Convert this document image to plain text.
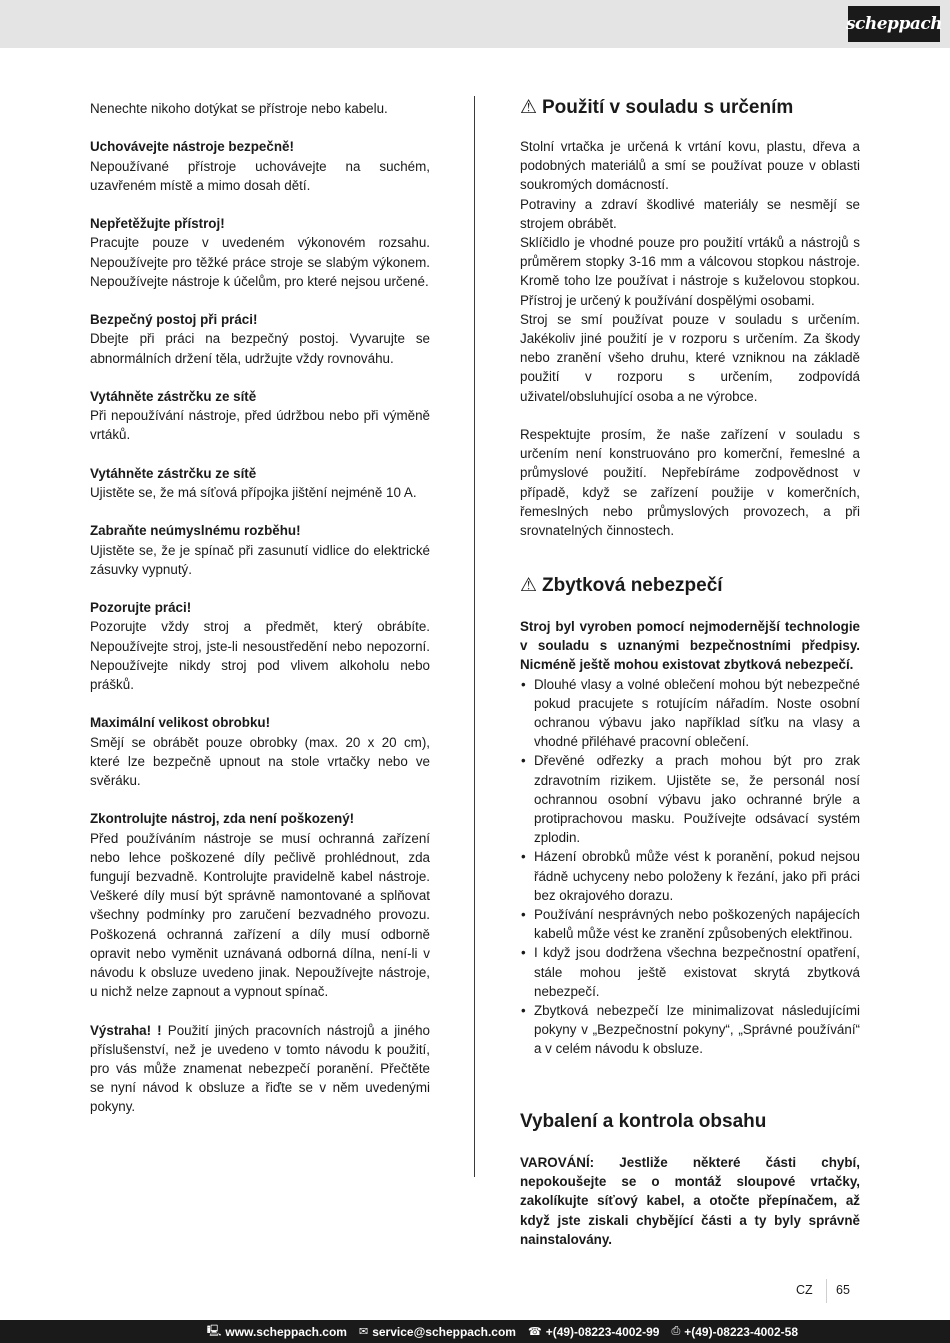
scheppach
Nenechte nikoho dotýkat se přístroje nebo kabelu.
Uchovávejte nástroje bezpečně!
Nepoužívané přístroje uchovávejte na suchém, uzavřeném místě a mimo dosah dětí.
Nepřetěžujte přístroj!
Pracujte pouze v uvedeném výkonovém rozsahu. Nepoužívejte pro těžké práce stroje se slabým výkonem. Nepoužívejte nástroje k účelům, pro které nejsou určené.
Bezpečný postoj při práci!
Dbejte při práci na bezpečný postoj. Vyvarujte se abnormálních držení těla, udržujte vždy rovnováhu.
Vytáhněte zástrčku ze sítě
Při nepoužívání nástroje, před údržbou nebo při výměně vrtáků.
Vytáhněte zástrčku ze sítě
Ujistěte se, že má síťová přípojka jištění nejméně 10 A.
Zabraňte neúmyslnému rozběhu!
Ujistěte se, že je spínač při zasunutí vidlice do elektrické zásuvky vypnutý.
Pozorujte práci!
Pozorujte vždy stroj a předmět, který obrábíte. Nepoužívejte stroj, jste-li nesoustředění nebo nepozorní. Nepoužívejte nikdy stroj pod vlivem alkoholu nebo prášků.
Maximální velikost obrobku!
Smějí se obrábět pouze obrobky (max. 20 x 20 cm), které lze bezpečně upnout na stole vrtačky nebo ve svěráku.
Zkontrolujte nástroj, zda není poškozený!
Před používáním nástroje se musí ochranná zařízení nebo lehce poškozené díly pečlivě prohlédnout, zda fungují bezvadně. Kontrolujte pravidelně kabel nástroje. Veškeré díly musí být správně namontované a splňovat všechny podmínky pro zaručení bezvadného provozu. Poškozená ochranná zařízení a díly musí odborně opravit nebo vyměnit uznávaná odborná dílna, není-li v návodu k obsluze uvedeno jinak. Nepoužívejte nástroje, u nichž nelze zapnout a vypnout spínač.
Výstraha! ! Použití jiných pracovních nástrojů a jiného příslušenství, než je uvedeno v tomto návodu k použití, pro vás může znamenat nebezpečí poranění. Přečtěte se nyní návod k obsluze a řiďte se v něm uvedenými pokyny.
⚠ Použití v souladu s určením
Stolní vrtačka je určená k vrtání kovu, plastu, dřeva a podobných materiálů a smí se používat pouze v oblasti soukromých domácností.
Potraviny a zdraví škodlivé materiály se nesmějí se strojem obrábět.
Sklíčidlo je vhodné pouze pro použití vrtáků a nástrojů s průměrem stopky 3-16 mm a válcovou stopkou nástroje. Kromě toho lze používat i nástroje s kuželovou stopkou. Přístroj je určený k používání dospělými osobami.
Stroj se smí používat pouze v souladu s určením. Jakékoliv jiné použití je v rozporu s určením. Za škody nebo zranění všeho druhu, které vzniknou na základě použití v rozporu s určením, zodpovídá uživatel/obsluhující osoba a ne výrobce.
Respektujte prosím, že naše zařízení v souladu s určením není konstruováno pro komerční, řemeslné a průmyslové použití. Nepřebíráme zodpovědnost v případě, když se zařízení použije v komerčních, řemeslných nebo průmyslových provozech, a při srovnatelných činnostech.
⚠ Zbytková nebezpečí
Stroj byl vyroben pomocí nejmodernější technologie v souladu s uznanými bezpečnostními předpisy. Nicméně ještě mohou existovat zbytková nebezpečí.
• Dlouhé vlasy a volné oblečení mohou být nebezpečné pokud pracujete s rotujícím nářadím. Noste osobní ochranou výbavu jako například síťku na vlasy a vhodné přiléhavé pracovní oblečení.
• Dřevěné odřezky a prach mohou být pro zrak zdravotním rizikem. Ujistěte se, že personál nosí ochrannou osobní výbavu jako ochranné brýle a protiprachovou masku. Používejte odsávací systém zplodin.
• Házení obrobků může vést k poranění, pokud nejsou řádně uchyceny nebo položeny k řezání, jako při práci bez okrajového dorazu.
• Používání nesprávných nebo poškozených napájecích kabelů může vést ke zranění způsobených elektřinou.
• I když jsou dodržena všechna bezpečnostní opatření, stále mohou ještě existovat skrytá zbytková nebezpečí.
• Zbytková nebezpečí lze minimalizovat následujícími pokyny v „Bezpečnostní pokyny“, „Správné používání“ a v celém návodu k obsluze.
Vybalení a kontrola obsahu
VAROVÁNÍ: Jestliže některé části chybí, nepokoušejte se o montáž sloupové vrtačky, zakolíkujte síťový kabel, a otočte přepínačem, až když jste ziskali chybějící části a ty byly správně nainstalovány.
CZ 65
🖳 www.scheppach.com ✉ service@scheppach.com ☎ +(49)-08223-4002-99 ⎙ +(49)-08223-4002-58
